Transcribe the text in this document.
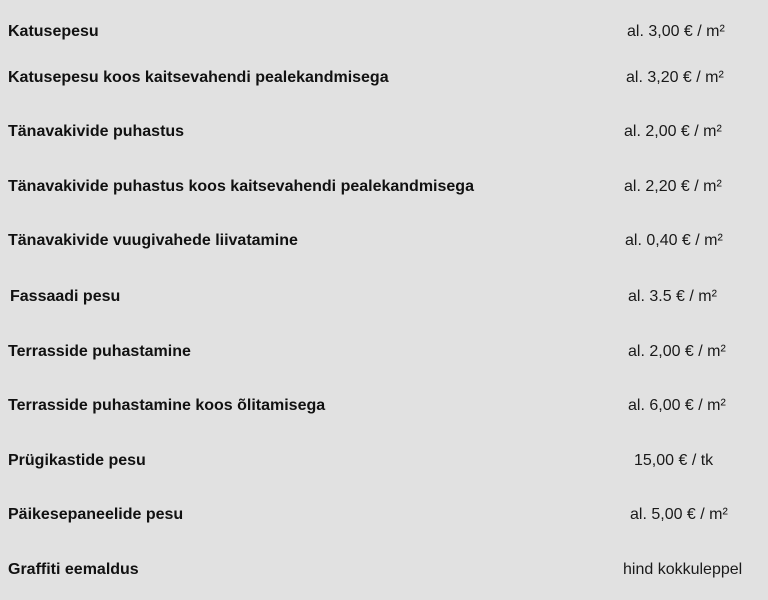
Katusepesu	al. 3,00 € / m²
Katusepesu koos kaitsevahendi pealekandmisega	al. 3,20 € / m²
Tänavakivide puhastus	al. 2,00 € / m²
Tänavakivide puhastus koos kaitsevahendi pealekandmisega	al. 2,20 € / m²
Tänavakivide vuugivahede liivatamine	al. 0,40 € / m²
Fassaadi pesu	al. 3.5 € / m²
Terrasside puhastamine	al. 2,00 € / m²
Terrasside puhastamine koos õlitamisega	al. 6,00 € / m²
Prügikastide pesu	15,00 € / tk
Päikesepaneelide pesu	al. 5,00 € / m²
Graffiti eemaldus	hind kokkuleppel
